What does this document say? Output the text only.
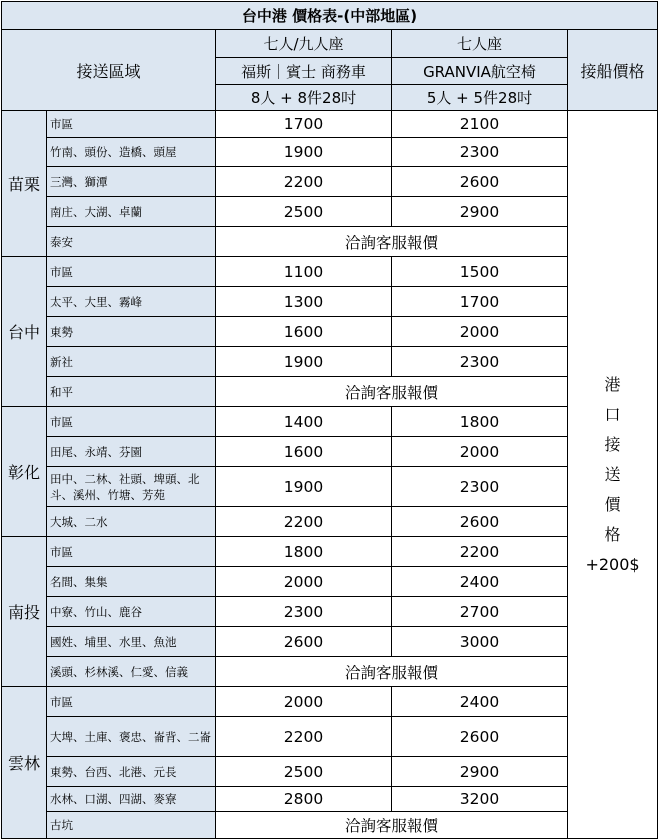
台中港 價格表-(中部地區)
接送區域
七人/九人座	七人座
福斯｜賓士 商務車	GRANVIA航空椅
8人 + 8件28吋	5人 + 5件28吋
接船價格
苗栗
市區	1700	2100
竹南、頭份、造橋、頭屋	1900	2300
三灣、獅潭	2200	2600
南庄、大湖、卓蘭	2500	2900
泰安	洽詢客服報價
台中
市區	1100	1500
太平、大里、霧峰	1300	1700
東勢	1600	2000
新社	1900	2300
和平	洽詢客服報價
彰化
市區	1400	1800
田尾、永靖、芬園	1600	2000
田中、二林、社頭、埤頭、北斗、溪州、竹塘、芳苑	1900	2300
大城、二水	2200	2600
南投
市區	1800	2200
名間、集集	2000	2400
中寮、竹山、鹿谷	2300	2700
國姓、埔里、水里、魚池	2600	3000
溪頭、杉林溪、仁愛、信義	洽詢客服報價
雲林
市區	2000	2400
大埤、土庫、褒忠、崙背、二崙	2200	2600
東勢、台西、北港、元長	2500	2900
水林、口湖、四湖、麥寮	2800	3200
古坑	洽詢客服報價
港
口
接
送
價
格
+200$
